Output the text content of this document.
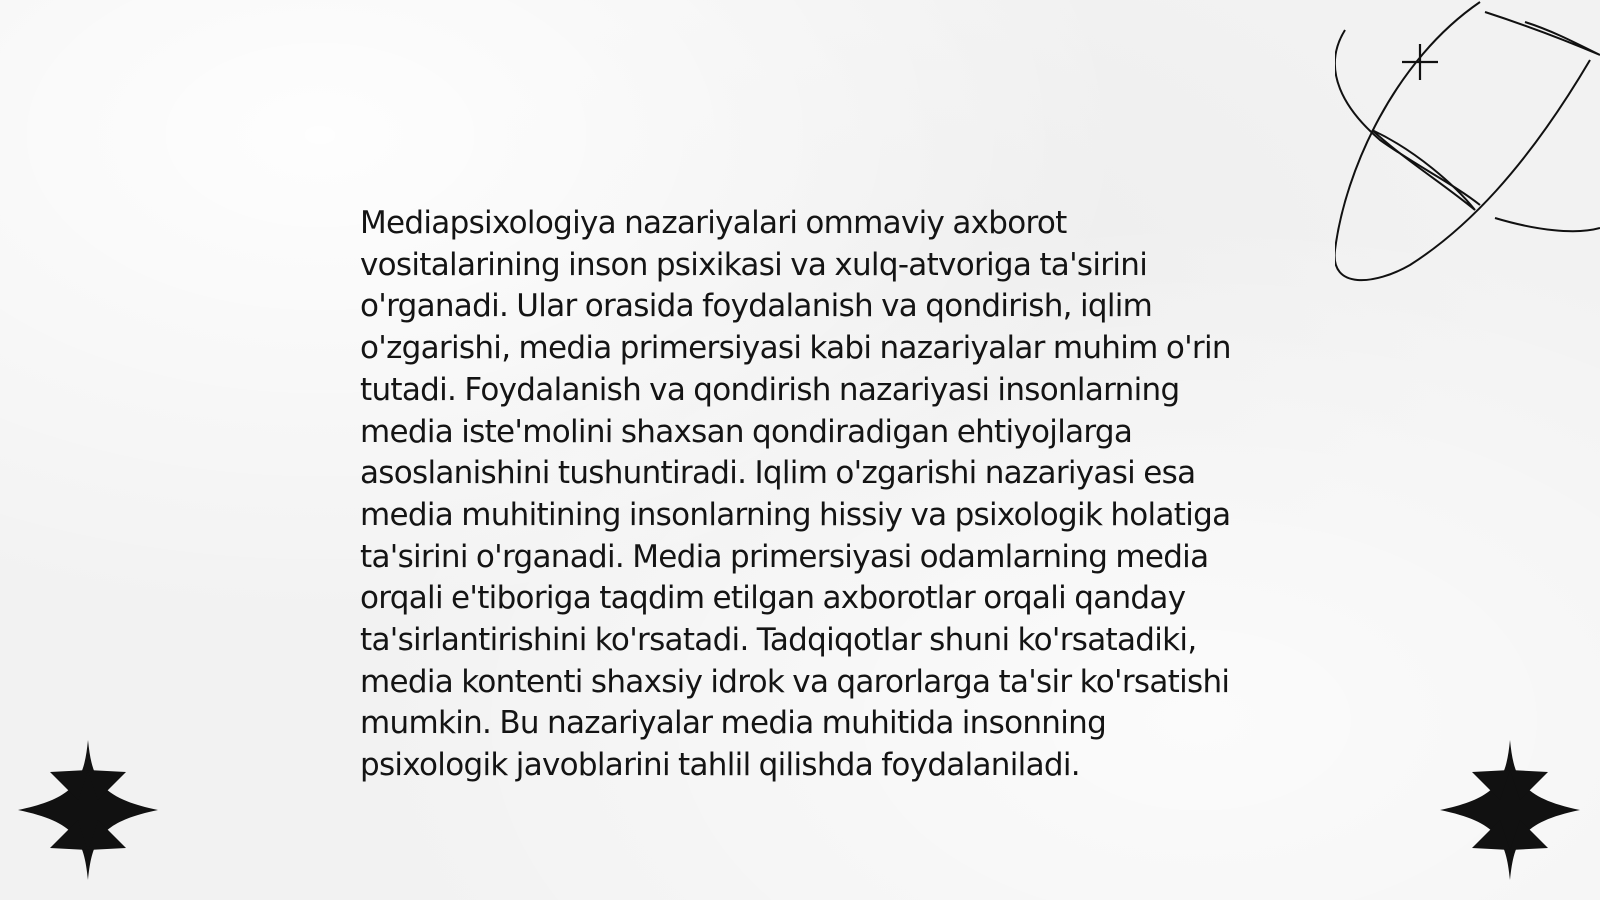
Mediapsixologiya nazariyalari ommaviy axborot vositalarining inson psixikasi va xulq-atvoriga ta'sirini o'rganadi. Ular orasida foydalanish va qondirish, iqlim o'zgarishi, media primersiyasi kabi nazariyalar muhim o'rin tutadi. Foydalanish va qondirish nazariyasi insonlarning media iste'molini shaxsan qondiradigan ehtiyojlarga asoslanishini tushuntiradi. Iqlim o'zgarishi nazariyasi esa media muhitining insonlarning hissiy va psixologik holatiga ta'sirini o'rganadi. Media primersiyasi odamlarning media orqali e'tiboriga taqdim etilgan axborotlar orqali qanday ta'sirlantirishini ko'rsatadi. Tadqiqotlar shuni ko'rsatadiki, media kontenti shaxsiy idrok va qarorlarga ta'sir ko'rsatishi mumkin. Bu nazariyalar media muhitida insonning psixologik javoblarini tahlil qilishda foydalaniladi.
